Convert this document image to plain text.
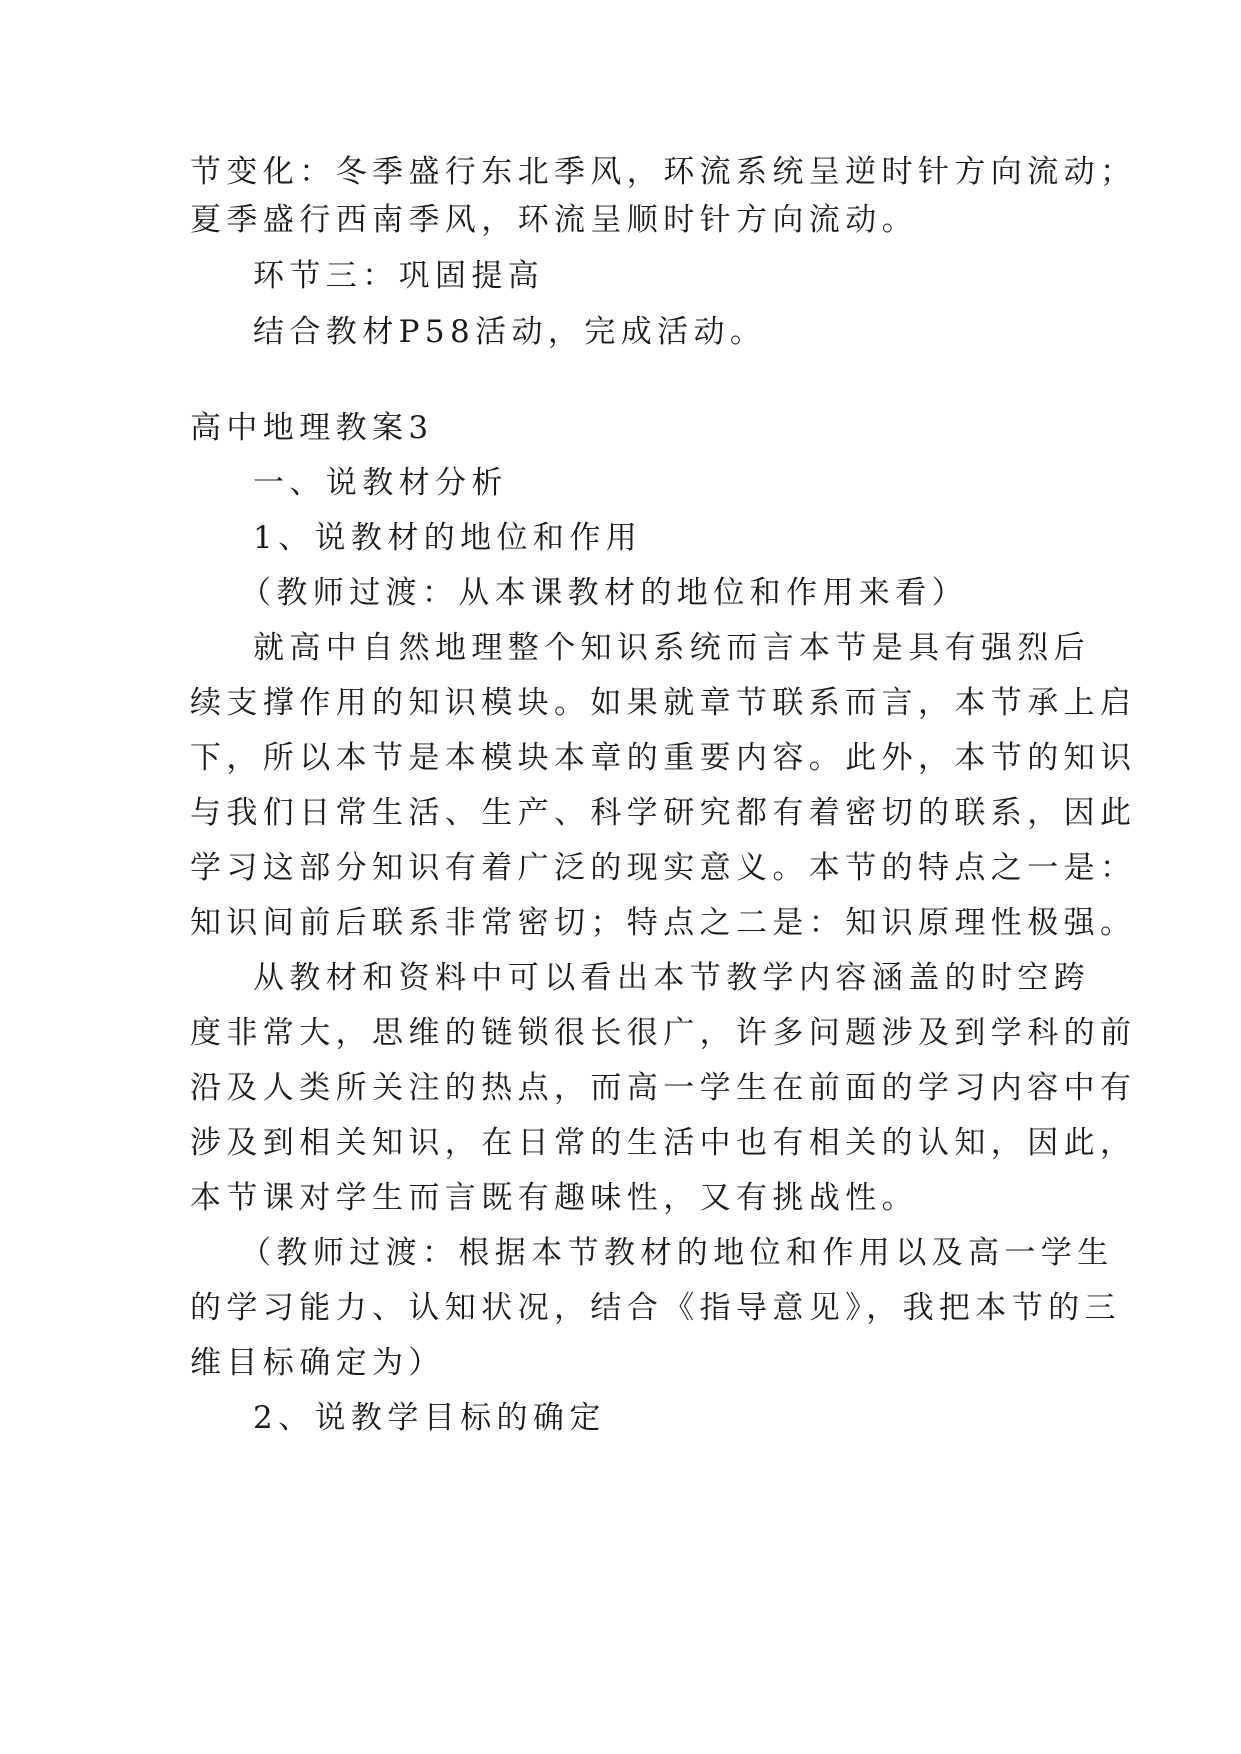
节变化：冬季盛行东北季风，环流系统呈逆时针方向流动；
夏季盛行西南季风，环流呈顺时针方向流动。
环节三：巩固提高
结合教材P58活动，完成活动。
高中地理教案3
一、说教材分析
1、说教材的地位和作用
（教师过渡：从本课教材的地位和作用来看）
就高中自然地理整个知识系统而言本节是具有强烈后
续支撑作用的知识模块。如果就章节联系而言，本节承上启
下，所以本节是本模块本章的重要内容。此外，本节的知识
与我们日常生活、生产、科学研究都有着密切的联系，因此
学习这部分知识有着广泛的现实意义。本节的特点之一是：
知识间前后联系非常密切；特点之二是：知识原理性极强。
从教材和资料中可以看出本节教学内容涵盖的时空跨
度非常大，思维的链锁很长很广，许多问题涉及到学科的前
沿及人类所关注的热点，而高一学生在前面的学习内容中有
涉及到相关知识，在日常的生活中也有相关的认知，因此，
本节课对学生而言既有趣味性，又有挑战性。
（教师过渡：根据本节教材的地位和作用以及高一学生
的学习能力、认知状况，结合《指导意见》，我把本节的三
维目标确定为）
2、说教学目标的确定
